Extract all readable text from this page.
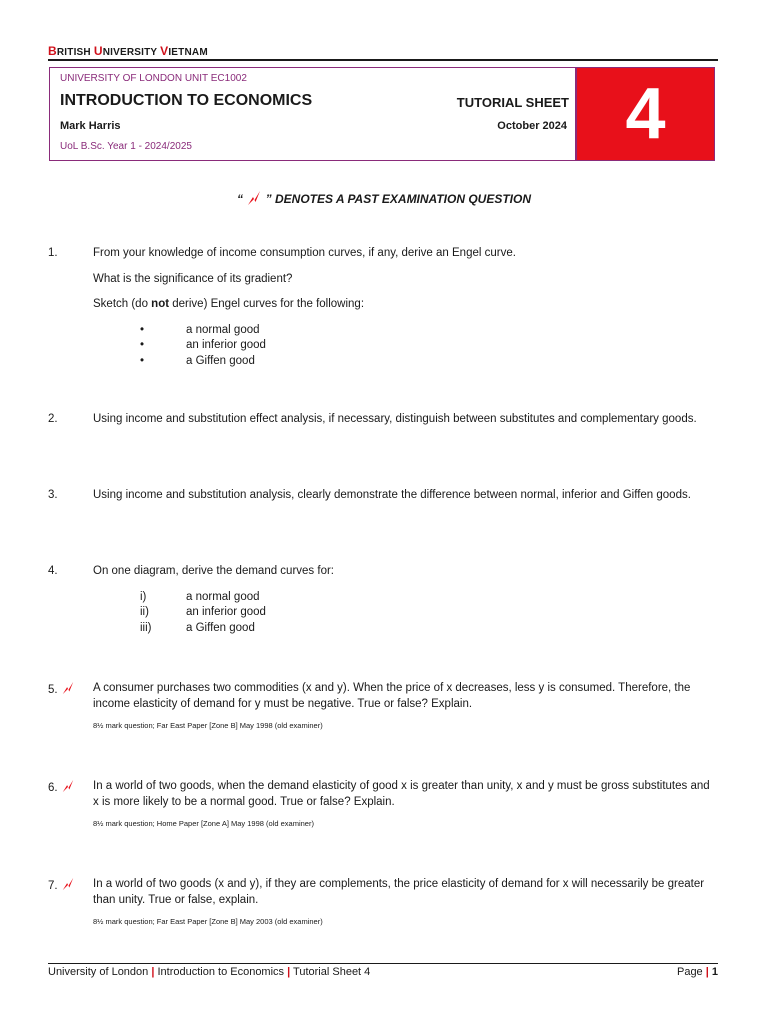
BRITISH UNIVERSITY VIETNAM
UNIVERSITY OF LONDON UNIT EC1002
INTRODUCTION TO ECONOMICS	TUTORIAL SHEET
Mark Harris	October 2024
UoL B.Sc. Year 1 - 2024/2025	4
“ ” DENOTES A PAST EXAMINATION QUESTION
1.	From your knowledge of income consumption curves, if any, derive an Engel curve.

What is the significance of its gradient?

Sketch (do not derive) Engel curves for the following:

•	a normal good
•	an inferior good
•	a Giffen good
2.	Using income and substitution effect analysis, if necessary, distinguish between substitutes and complementary goods.
3.	Using income and substitution analysis, clearly demonstrate the difference between normal, inferior and Giffen goods.
4.	On one diagram, derive the demand curves for:

i)	a normal good
ii)	an inferior good
iii)	a Giffen good
5.	A consumer purchases two commodities (x and y). When the price of x decreases, less y is consumed. Therefore, the income elasticity of demand for y must be negative. True or false? Explain.
8½ mark question; Far East Paper [Zone B] May 1998 (old examiner)
6.	In a world of two goods, when the demand elasticity of good x is greater than unity, x and y must be gross substitutes and x is more likely to be a normal good. True or false? Explain.
8½ mark question; Home Paper [Zone A] May 1998 (old examiner)
7.	In a world of two goods (x and y), if they are complements, the price elasticity of demand for x will necessarily be greater than unity. True or false, explain.
8½ mark question; Far East Paper [Zone B] May 2003 (old examiner)
University of London | Introduction to Economics | Tutorial Sheet 4	Page | 1
